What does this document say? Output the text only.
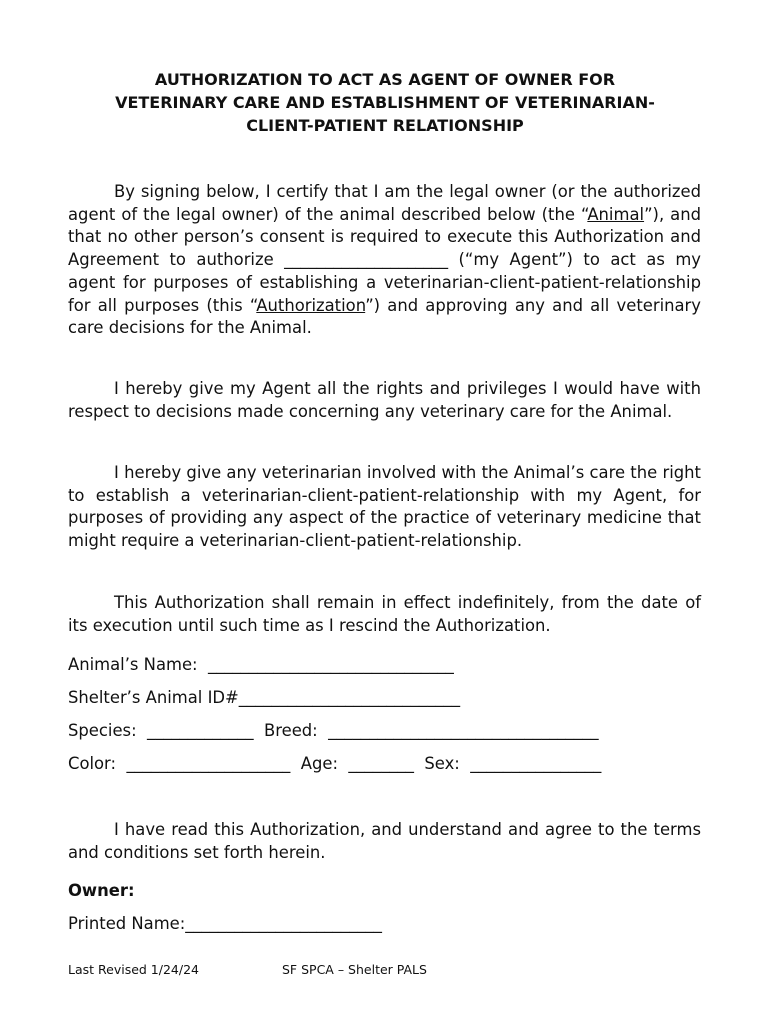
AUTHORIZATION TO ACT AS AGENT OF OWNER FOR
VETERINARY CARE AND ESTABLISHMENT OF VETERINARIAN-
CLIENT-PATIENT RELATIONSHIP

By signing below, I certify that I am the legal owner (or the authorized agent of the legal owner) of the animal described below (the “Animal”), and that no other person’s consent is required to execute this Authorization and Agreement to authorize ____________________ (“my Agent”) to act as my agent for purposes of establishing a veterinarian-client-patient-relationship for all purposes (this “Authorization”) and approving any and all veterinary care decisions for the Animal.

I hereby give my Agent all the rights and privileges I would have with respect to decisions made concerning any veterinary care for the Animal.

I hereby give any veterinarian involved with the Animal’s care the right to establish a veterinarian-client-patient-relationship with my Agent, for purposes of providing any aspect of the practice of veterinary medicine that might require a veterinarian-client-patient-relationship.

This Authorization shall remain in effect indefinitely, from the date of its execution until such time as I rescind the Authorization.

Animal’s Name:  ______________________________
Shelter’s Animal ID#___________________________
Species:  _____________  Breed:  _________________________________
Color:  ____________________  Age:  ________  Sex:  ________________

I have read this Authorization, and understand and agree to the terms and conditions set forth herein.

Owner:
Printed Name:________________________
Last Revised 1/24/24	SF SPCA – Shelter PALS
